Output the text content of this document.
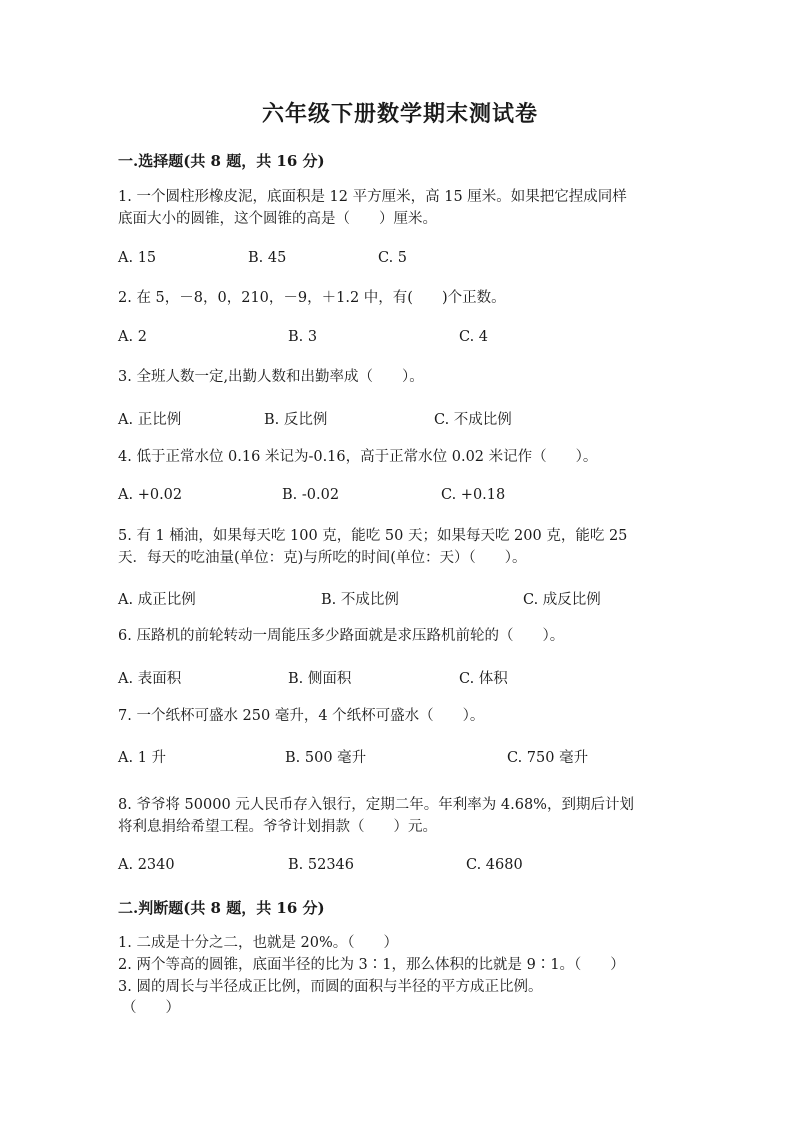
六年级下册数学期末测试卷
一.选择题(共 8 题，共 16 分)
1. 一个圆柱形橡皮泥，底面积是 12 平方厘米，高 15 厘米。如果把它捏成同样
底面大小的圆锥，这个圆锥的高是（　　）厘米。
A. 15	B. 45	C. 5
2. 在 5，－8，0，210，－9，＋1.2 中，有(　　)个正数。
A. 2	B. 3	C. 4
3. 全班人数一定,出勤人数和出勤率成（　　）。
A. 正比例	B. 反比例	C. 不成比例
4. 低于正常水位 0.16 米记为-0.16，高于正常水位 0.02 米记作（　　）。
A. +0.02	B. -0.02	C. +0.18
5. 有 1 桶油，如果每天吃 100 克，能吃 50 天；如果每天吃 200 克，能吃 25
天．每天的吃油量(单位：克)与所吃的时间(单位：天）（　　）。
A. 成正比例	B. 不成比例	C. 成反比例
6. 压路机的前轮转动一周能压多少路面就是求压路机前轮的（　　）。
A. 表面积	B. 侧面积	C. 体积
7. 一个纸杯可盛水 250 毫升，4 个纸杯可盛水（　　）。
A. 1 升	B. 500 毫升	C. 750 毫升
8. 爷爷将 50000 元人民币存入银行，定期二年。年利率为 4.68%，到期后计划
将利息捐给希望工程。爷爷计划捐款（　　）元。
A. 2340	B. 52346	C. 4680
二.判断题(共 8 题，共 16 分)
1. 二成是十分之二，也就是 20%。（　　）
2. 两个等高的圆锥，底面半径的比为 3∶1，那么体积的比就是 9∶1。（　　）
3. 圆的周长与半径成正比例，而圆的面积与半径的平方成正比例。
（　　）
